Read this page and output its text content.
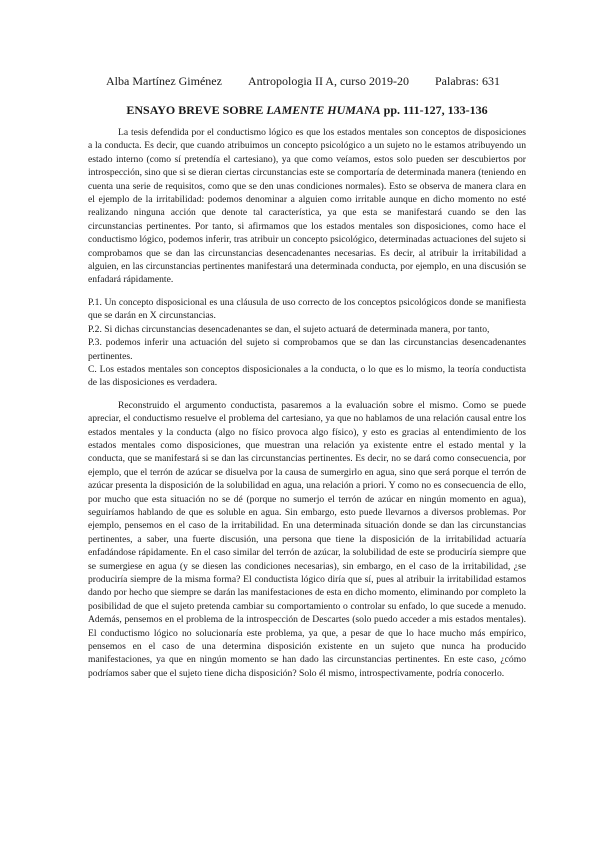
Alba Martínez Giménez Antropologia II A, curso 2019-20 Palabras: 631
ENSAYO BREVE SOBRE LAMENTE HUMANA pp. 111-127, 133-136

La tesis defendida por el conductismo lógico es que los estados mentales son conceptos de disposiciones a la conducta. Es decir, que cuando atribuimos un concepto psicológico a un sujeto no le estamos atribuyendo un estado interno (como sí pretendía el cartesiano), ya que como veíamos, estos solo pueden ser descubiertos por introspección, sino que si se dieran ciertas circunstancias este se comportaría de determinada manera (teniendo en cuenta una serie de requisitos, como que se den unas condiciones normales). Esto se observa de manera clara en el ejemplo de la irritabilidad: podemos denominar a alguien como irritable aunque en dicho momento no esté realizando ninguna acción que denote tal característica, ya que esta se manifestará cuando se den las circunstancias pertinentes. Por tanto, si afirmamos que los estados mentales son disposiciones, como hace el conductismo lógico, podemos inferir, tras atribuir un concepto psicológico, determinadas actuaciones del sujeto si comprobamos que se dan las circunstancias desencadenantes necesarias. Es decir, al atribuir la irritabilidad a alguien, en las circunstancias pertinentes manifestará una determinada conducta, por ejemplo, en una discusión se enfadará rápidamente.

P.1. Un concepto disposicional es una cláusula de uso correcto de los conceptos psicológicos donde se manifiesta que se darán en X circunstancias.

P.2. Si dichas circunstancias desencadenantes se dan, el sujeto actuará de determinada manera, por tanto,

P.3. podemos inferir una actuación del sujeto si comprobamos que se dan las circunstancias desencadenantes pertinentes.

C. Los estados mentales son conceptos disposicionales a la conducta, o lo que es lo mismo, la teoría conductista de las disposiciones es verdadera.

Reconstruido el argumento conductista, pasaremos a la evaluación sobre el mismo. Como se puede apreciar, el conductismo resuelve el problema del cartesiano, ya que no hablamos de una relación causal entre los estados mentales y la conducta (algo no físico provoca algo físico), y esto es gracias al entendimiento de los estados mentales como disposiciones, que muestran una relación ya existente entre el estado mental y la conducta, que se manifestará si se dan las circunstancias pertinentes. Es decir, no se dará como consecuencia, por ejemplo, que el terrón de azúcar se disuelva por la causa de sumergirlo en agua, sino que será porque el terrón de azúcar presenta la disposición de la solubilidad en agua, una relación a priori. Y como no es consecuencia de ello, por mucho que esta situación no se dé (porque no sumerjo el terrón de azúcar en ningún momento en agua), seguiríamos hablando de que es soluble en agua. Sin embargo, esto puede llevarnos a diversos problemas. Por ejemplo, pensemos en el caso de la irritabilidad. En una determinada situación donde se dan las circunstancias pertinentes, a saber, una fuerte discusión, una persona que tiene la disposición de la irritabilidad actuaría enfadándose rápidamente. En el caso similar del terrón de azúcar, la solubilidad de este se produciría siempre que se sumergiese en agua (y se diesen las condiciones necesarias), sin embargo, en el caso de la irritabilidad, ¿se produciría siempre de la misma forma? El conductista lógico diría que sí, pues al atribuir la irritabilidad estamos dando por hecho que siempre se darán las manifestaciones de esta en dicho momento, eliminando por completo la posibilidad de que el sujeto pretenda cambiar su comportamiento o controlar su enfado, lo que sucede a menudo. Además, pensemos en el problema de la introspección de Descartes (solo puedo acceder a mis estados mentales). El conductismo lógico no solucionaría este problema, ya que, a pesar de que lo hace mucho más empírico, pensemos en el caso de una determina disposición existente en un sujeto que nunca ha producido manifestaciones, ya que en ningún momento se han dado las circunstancias pertinentes. En este caso, ¿cómo podríamos saber que el sujeto tiene dicha disposición? Solo él mismo, introspectivamente, podría conocerlo.
